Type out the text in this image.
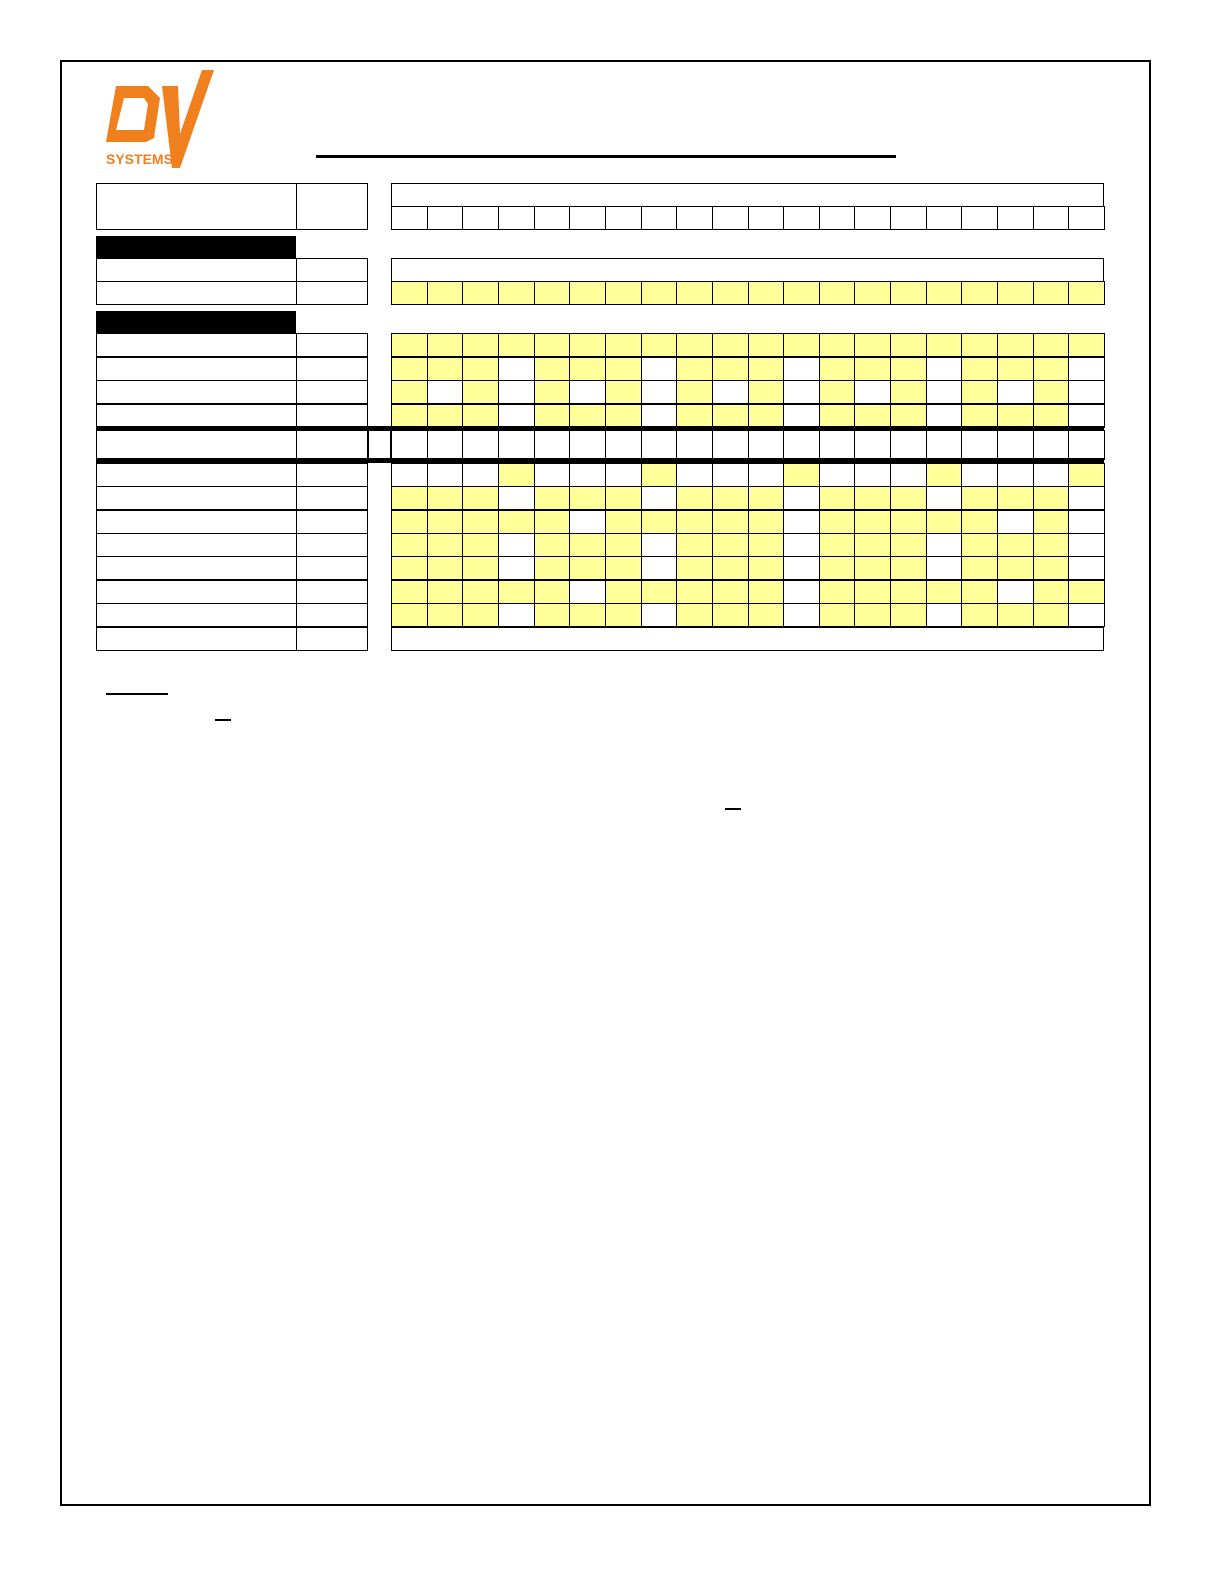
SYSTEMS
